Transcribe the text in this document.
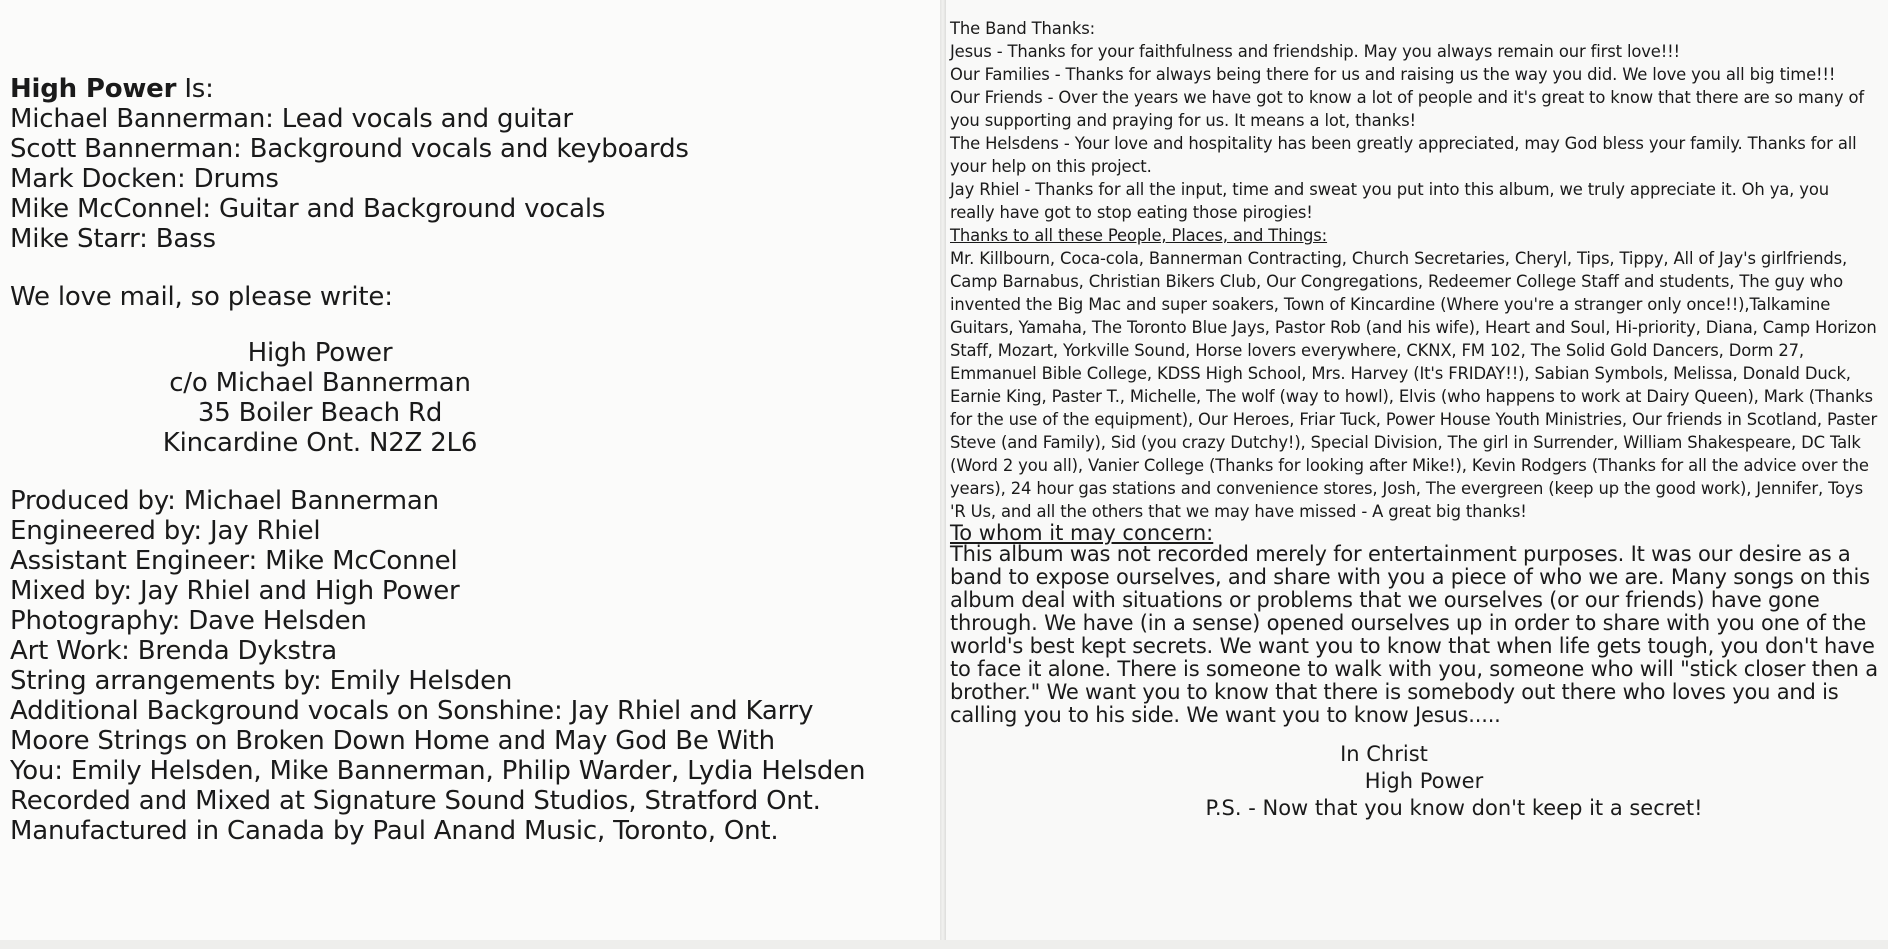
High Power Is:

Michael Bannerman: Lead vocals and guitar

Scott Bannerman: Background vocals and keyboards

Mark Docken: Drums

Mike McConnel: Guitar and Background vocals

Mike Starr: Bass

We love mail, so please write:

High Power

c/o Michael Bannerman

35 Boiler Beach Rd

Kincardine Ont. N2Z 2L6

Produced by: Michael Bannerman

Engineered by: Jay Rhiel

Assistant Engineer: Mike McConnel

Mixed by: Jay Rhiel and High Power

Photography: Dave Helsden

Art Work: Brenda Dykstra

String arrangements by: Emily Helsden

Additional Background vocals on Sonshine: Jay Rhiel and Karry

Moore Strings on Broken Down Home and May God Be With

You: Emily Helsden, Mike Bannerman, Philip Warder, Lydia Helsden

Recorded and Mixed at Signature Sound Studios, Stratford Ont.

Manufactured in Canada by Paul Anand Music, Toronto, Ont.

The Band Thanks:

Jesus - Thanks for your faithfulness and friendship. May you always remain our first love!!!

Our Families - Thanks for always being there for us and raising us the way you did. We love you all big time!!!

Our Friends - Over the years we have got to know a lot of people and it's great to know that there are so many of you supporting and praying for us. It means a lot, thanks!

The Helsdens - Your love and hospitality has been greatly appreciated, may God bless your family. Thanks for all your help on this project.

Jay Rhiel - Thanks for all the input, time and sweat you put into this album, we truly appreciate it. Oh ya, you really have got to stop eating those pirogies!

Thanks to all these People, Places, and Things:

Mr. Killbourn, Coca-cola, Bannerman Contracting, Church Secretaries, Cheryl, Tips, Tippy, All of Jay's girlfriends, Camp Barnabus, Christian Bikers Club, Our Congregations, Redeemer College Staff and students, The guy who invented the Big Mac and super soakers, Town of Kincardine (Where you're a stranger only once!!),Talkamine Guitars, Yamaha, The Toronto Blue Jays, Pastor Rob (and his wife), Heart and Soul, Hi-priority, Diana, Camp Horizon Staff, Mozart, Yorkville Sound, Horse lovers everywhere, CKNX, FM 102, The Solid Gold Dancers, Dorm 27, Emmanuel Bible College, KDSS High School, Mrs. Harvey (It's FRIDAY!!), Sabian Symbols, Melissa, Donald Duck, Earnie King, Paster T., Michelle, The wolf (way to howl), Elvis (who happens to work at Dairy Queen), Mark (Thanks for the use of the equipment), Our Heroes, Friar Tuck, Power House Youth Ministries, Our friends in Scotland, Paster Steve (and Family), Sid (you crazy Dutchy!), Special Division, The girl in Surrender, William Shakespeare, DC Talk (Word 2 you all), Vanier College (Thanks for looking after Mike!), Kevin Rodgers (Thanks for all the advice over the years), 24 hour gas stations and convenience stores, Josh, The evergreen (keep up the good work), Jennifer, Toys 'R Us, and all the others that we may have missed - A great big thanks!

To whom it may concern:

This album was not recorded merely for entertainment purposes. It was our desire as a band to expose ourselves, and share with you a piece of who we are. Many songs on this album deal with situations or problems that we ourselves (or our friends) have gone through. We have (in a sense) opened ourselves up in order to share with you one of the world's best kept secrets. We want you to know that when life gets tough, you don't have to face it alone. There is someone to walk with you, someone who will "stick closer then a brother." We want you to know that there is somebody out there who loves you and is calling you to his side. We want you to know Jesus.....

In Christ

High Power

P.S. - Now that you know don't keep it a secret!
